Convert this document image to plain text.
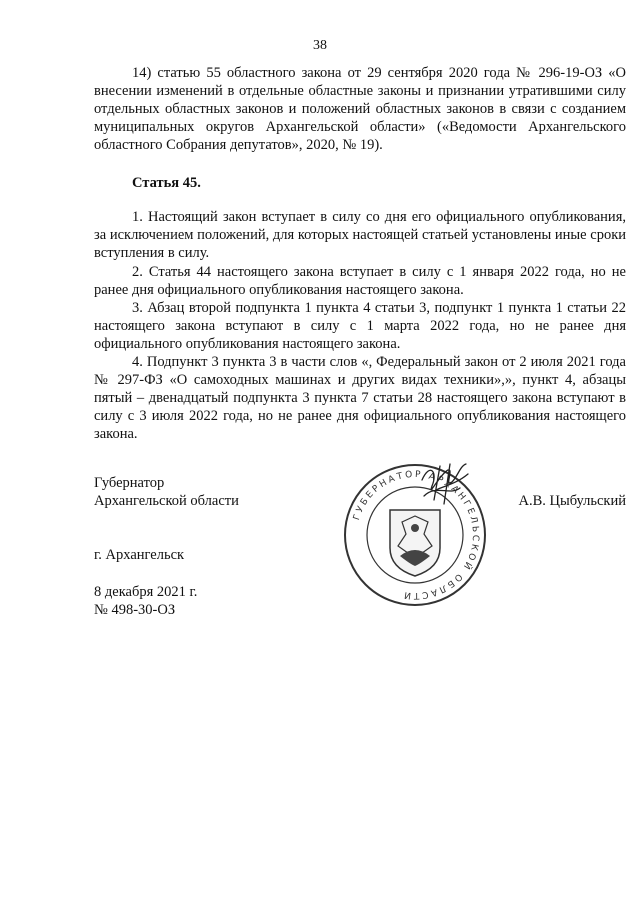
38

14) статью 55 областного закона от 29 сентября 2020 года № 296-19-ОЗ «О внесении изменений в отдельные областные законы и признании утратившими силу отдельных областных законов и положений областных законов в связи с созданием муниципальных округов Архангельской области» («Ведомости Архангельского областного Собрания депутатов», 2020, № 19).

Статья 45.

1. Настоящий закон вступает в силу со дня его официального опубликования, за исключением положений, для которых настоящей статьей установлены иные сроки вступления в силу.

2. Статья 44 настоящего закона вступает в силу с 1 января 2022 года, но не ранее дня официального опубликования настоящего закона.

3. Абзац второй подпункта 1 пункта 4 статьи 3, подпункт 1 пункта 1 статьи 22 настоящего закона вступают в силу с 1 марта 2022 года, но не ранее дня официального опубликования настоящего закона.

4. Подпункт 3 пункта 3 в части слов «, Федеральный закон от 2 июля 2021 года № 297-ФЗ «О самоходных машинах и других видах техники»,», пункт 4, абзацы пятый – двенадцатый подпункта 3 пункта 7 статьи 28 настоящего закона вступают в силу с 3 июля 2022 года, но не ранее дня официального опубликования настоящего закона.

Губернатор
Архангельской области	А.В. Цыбульский
ГУБЕРНАТОР АРХАНГЕЛЬСКОЙ ОБЛАСТИ
г. Архангельск
8 декабря 2021 г.
№ 498-30-ОЗ
